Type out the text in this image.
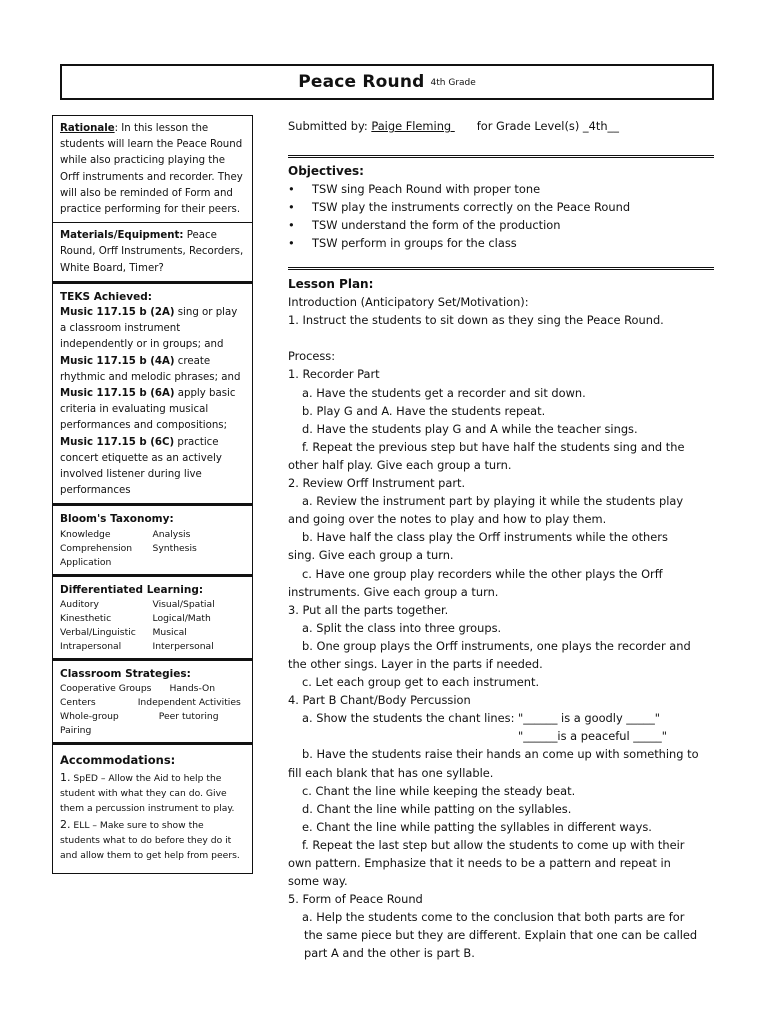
Peace Round 4th Grade
Rationale: In this lesson the students will learn the Peace Round while also practicing playing the Orff instruments and recorder. They will also be reminded of Form and practice performing for their peers.
Materials/Equipment: Peace Round, Orff Instruments, Recorders, White Board, Timer?
TEKS Achieved:
Music 117.15 b (2A) sing or play a classroom instrument independently or in groups; and Music 117.15 b (4A) create rhythmic and melodic phrases; and Music 117.15 b (6A) apply basic criteria in evaluating musical performances and compositions; Music 117.15 b (6C) practice concert etiquette as an actively involved listener during live performances
Bloom's Taxonomy:
Knowledge	Analysis
Comprehension	Synthesis
Application
Differentiated Learning:
Auditory	Visual/Spatial
Kinesthetic	Logical/Math
Verbal/Linguistic	Musical
Intrapersonal	Interpersonal
Classroom Strategies:
Cooperative Groups Hands-On
Centers	Independent Activities
Whole-group	Peer tutoring
Pairing
Accommodations:
1. SpED – Allow the Aid to help the student with what they can do. Give them a percussion instrument to play.
2. ELL – Make sure to show the students what to do before they do it and allow them to get help from peers.
Submitted by: Paige Fleming for Grade Level(s) _4th__
Objectives:
• TSW sing Peach Round with proper tone
• TSW play the instruments correctly on the Peace Round
• TSW understand the form of the production
• TSW perform in groups for the class
Lesson Plan:

Introduction (Anticipatory Set/Motivation):

1. Instruct the students to sit down as they sing the Peace Round.

Process:

1. Recorder Part

a. Have the students get a recorder and sit down.

b. Play G and A. Have the students repeat.

d. Have the students play G and A while the teacher sings.

f. Repeat the previous step but have half the students sing and the

other half play. Give each group a turn.

2. Review Orff Instrument part.

a. Review the instrument part by playing it while the students play

and going over the notes to play and how to play them.

b. Have half the class play the Orff instruments while the others

sing. Give each group a turn.

c. Have one group play recorders while the other plays the Orff

instruments. Give each group a turn.

3. Put all the parts together.

a. Split the class into three groups.

b. One group plays the Orff instruments, one plays the recorder and

the other sings. Layer in the parts if needed.

c. Let each group get to each instrument.

4. Part B Chant/Body Percussion

a. Show the students the chant lines: "______ is a goodly _____"

"______is a peaceful _____"

b. Have the students raise their hands an come up with something to

fill each blank that has one syllable.

c. Chant the line while keeping the steady beat.

d. Chant the line while patting on the syllables.

e. Chant the line while patting the syllables in different ways.

f. Repeat the last step but allow the students to come up with their

own pattern. Emphasize that it needs to be a pattern and repeat in

some way.

5. Form of Peace Round

a. Help the students come to the conclusion that both parts are for

the same piece but they are different. Explain that one can be called

part A and the other is part B.
